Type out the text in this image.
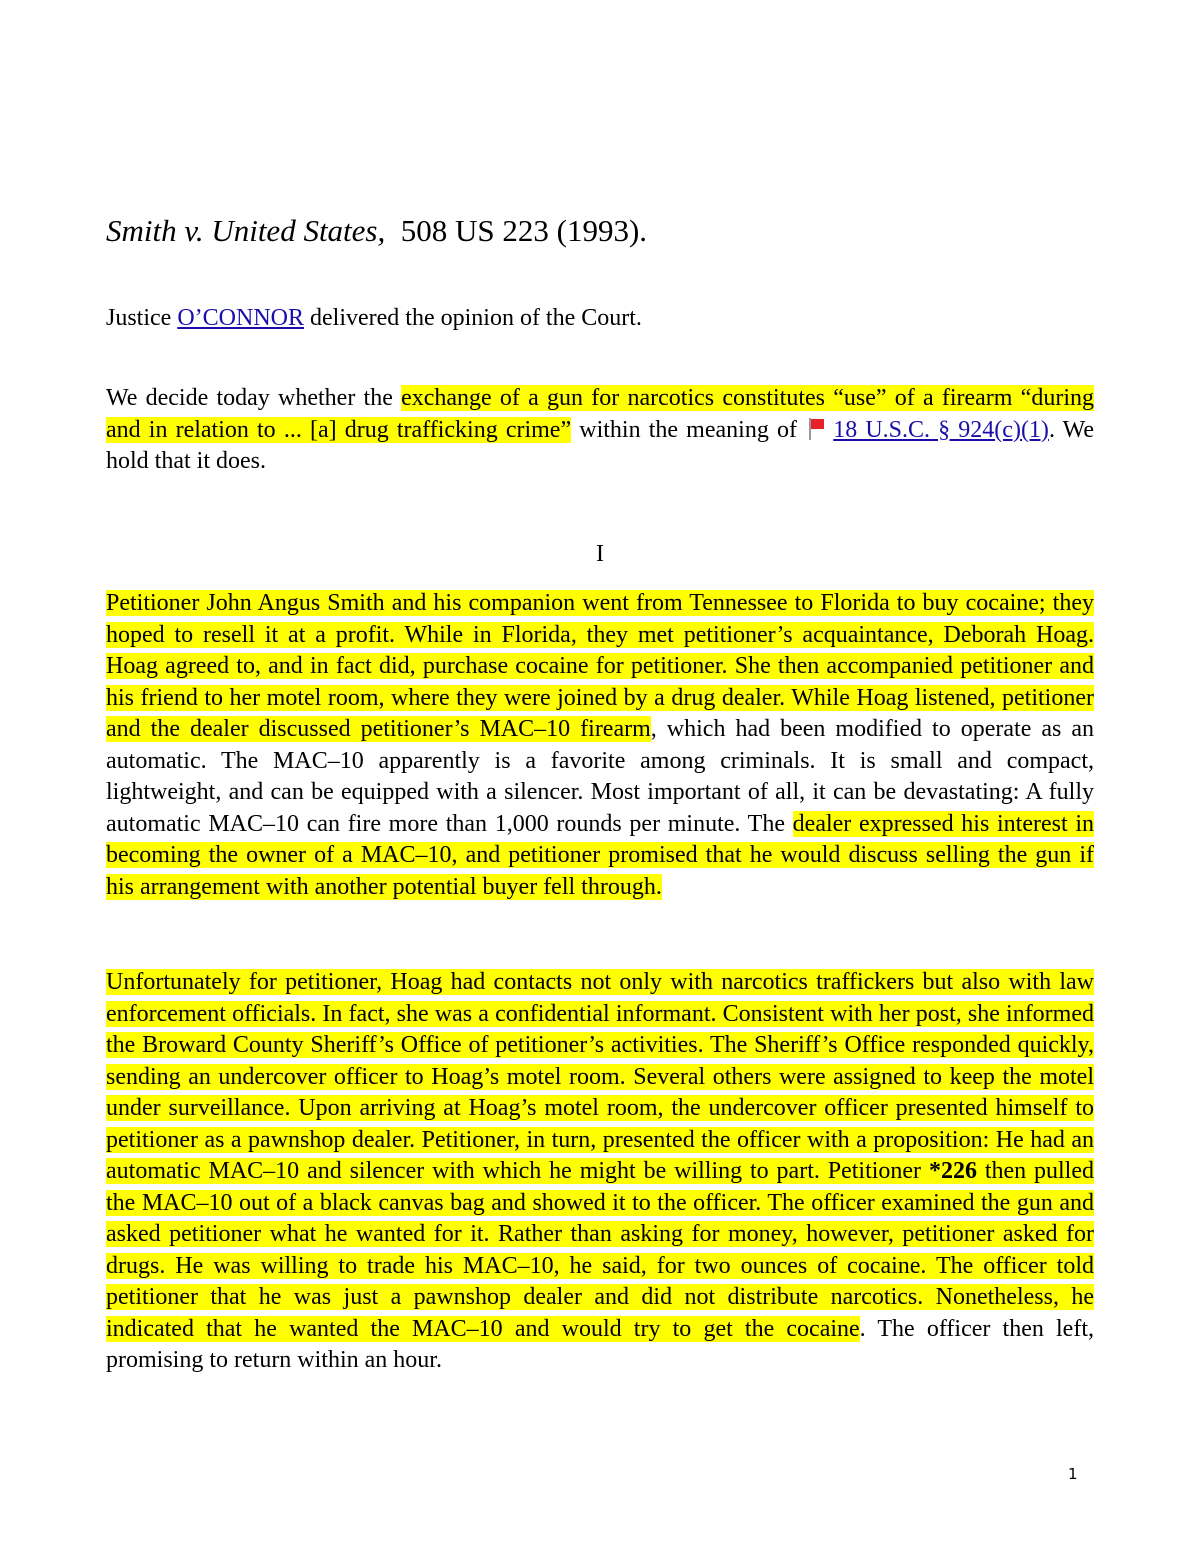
Smith v. United States, 508 US 223 (1993).
Justice O’CONNOR delivered the opinion of the Court.
We decide today whether the exchange of a gun for narcotics constitutes “use” of a firearm “during and in relation to ... [a] drug trafficking crime” within the meaning of
18 U.S.C. § 924(c)(1). We hold that it does.
I
Petitioner John Angus Smith and his companion went from Tennessee to Florida to buy cocaine; they hoped to resell it at a profit. While in Florida, they met petitioner’s acquaintance, Deborah Hoag. Hoag agreed to, and in fact did, purchase cocaine for petitioner. She then accompanied petitioner and his friend to her motel room, where they were joined by a drug dealer. While Hoag listened, petitioner and the dealer discussed petitioner’s MAC–10 firearm, which had been modified to operate as an automatic. The MAC–10 apparently is a favorite among criminals. It is small and compact, lightweight, and can be equipped with a silencer. Most important of all, it can be devastating: A fully automatic MAC–10 can fire more than 1,000 rounds per minute. The dealer expressed his interest in becoming the owner of a MAC–10, and petitioner promised that he would discuss selling the gun if his arrangement with another potential buyer fell through.
Unfortunately for petitioner, Hoag had contacts not only with narcotics traffickers but also with law enforcement officials. In fact, she was a confidential informant. Consistent with her post, she informed the Broward County Sheriff’s Office of petitioner’s activities. The Sheriff’s Office responded quickly, sending an undercover officer to Hoag’s motel room. Several others were assigned to keep the motel under surveillance. Upon arriving at Hoag’s motel room, the undercover officer presented himself to petitioner as a pawnshop dealer. Petitioner, in turn, presented the officer with a proposition: He had an automatic MAC–10 and silencer with which he might be willing to part. Petitioner *226 then pulled the MAC–10 out of a black canvas bag and showed it to the officer. The officer examined the gun and asked petitioner what he wanted for it. Rather than asking for money, however, petitioner asked for drugs. He was willing to trade his MAC–10, he said, for two ounces of cocaine. The officer told petitioner that he was just a pawnshop dealer and did not distribute narcotics. Nonetheless, he indicated that he wanted the MAC–10 and would try to get the cocaine. The officer then left, promising to return within an hour.
1
